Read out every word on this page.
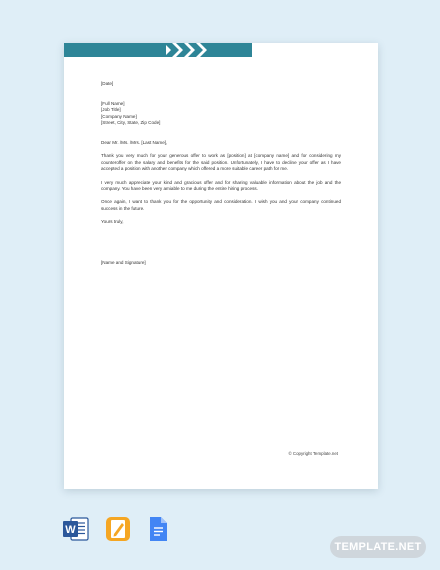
[Date]

[Full Name]

[Job Title]

[Company Name]

[Street, City, State, Zip Code]

Dear Mr. /Ms. /Mrs. [Last Name],

Thank you very much for your generous offer to work as [position] at [company name] and for considering my counteroffer on the salary and benefits for the said position. Unfortunately, I have to decline your offer as I have accepted a position with another company which offered a more suitable career path for me.

I very much appreciate your kind and gracious offer and for sharing valuable information about the job and the company. You have been very amiable to me during the entire hiring process.

Once again, I want to thank you for the opportunity and consideration. I wish you and your company continued success in the future.

Yours truly,

[Name and Signature]

© Copyright Template.net
W
TEMPLATE.NET
